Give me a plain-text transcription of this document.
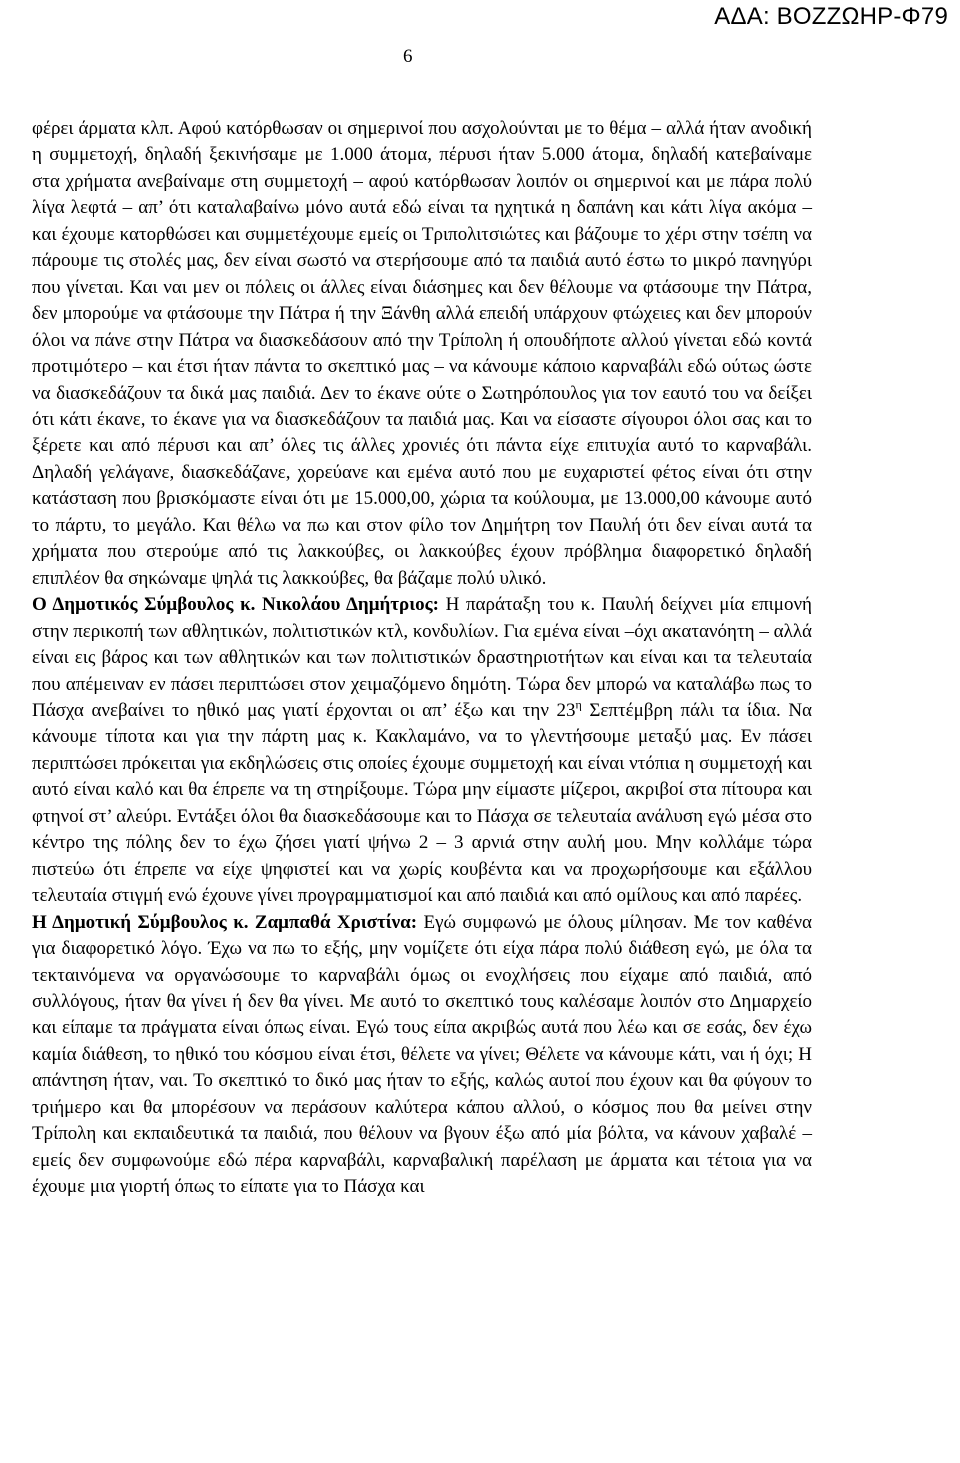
ΑΔΑ: ΒΟΖΖΩΗΡ-Φ79
6

φέρει άρματα κλπ. Αφού κατόρθωσαν οι σημερινοί που ασχολούνται με το θέμα – αλλά ήταν ανοδική η συμμετοχή, δηλαδή ξεκινήσαμε με 1.000 άτομα, πέρυσι ήταν 5.000 άτομα, δηλαδή κατεβαίναμε στα χρήματα ανεβαίναμε στη συμμετοχή – αφού κατόρθωσαν λοιπόν οι σημερινοί και με πάρα πολύ λίγα λεφτά – απ’ ότι καταλαβαίνω μόνο αυτά εδώ είναι τα ηχητικά η δαπάνη και κάτι λίγα ακόμα – και έχουμε κατορθώσει και συμμετέχουμε εμείς οι Τριπολιτσιώτες και βάζουμε το χέρι στην τσέπη να πάρουμε τις στολές μας, δεν είναι σωστό να στερήσουμε από τα παιδιά αυτό έστω το μικρό πανηγύρι που γίνεται. Και ναι μεν οι πόλεις οι άλλες είναι διάσημες και δεν θέλουμε να φτάσουμε την Πάτρα, δεν μπορούμε να φτάσουμε την Πάτρα ή την Ξάνθη αλλά επειδή υπάρχουν φτώχειες και δεν μπορούν όλοι να πάνε στην Πάτρα να διασκεδάσουν από την Τρίπολη ή οπουδήποτε αλλού γίνεται εδώ κοντά προτιμότερο – και έτσι ήταν πάντα το σκεπτικό μας – να κάνουμε κάποιο καρναβάλι εδώ ούτως ώστε να διασκεδάζουν τα δικά μας παιδιά. Δεν το έκανε ούτε ο Σωτηρόπουλος για τον εαυτό του να δείξει ότι κάτι έκανε, το έκανε για να διασκεδάζουν τα παιδιά μας. Και να είσαστε σίγουροι όλοι σας και το ξέρετε και από πέρυσι και απ’ όλες τις άλλες χρονιές ότι πάντα είχε επιτυχία αυτό το καρναβάλι. Δηλαδή γελάγανε, διασκεδάζανε, χορεύανε και εμένα αυτό που με ευχαριστεί φέτος είναι ότι στην κατάσταση που βρισκόμαστε είναι ότι με 15.000,00, χώρια τα κούλουμα, με 13.000,00 κάνουμε αυτό το πάρτυ, το μεγάλο. Και θέλω να πω και στον φίλο τον Δημήτρη τον Παυλή ότι δεν είναι αυτά τα χρήματα που στερούμε από τις λακκούβες, οι λακκούβες έχουν πρόβλημα διαφορετικό δηλαδή επιπλέον θα σηκώναμε ψηλά τις λακκούβες, θα βάζαμε πολύ υλικό.

Ο Δημοτικός Σύμβουλος κ. Νικολάου Δημήτριος: Η παράταξη του κ. Παυλή δείχνει μία επιμονή στην περικοπή των αθλητικών, πολιτιστικών κτλ, κονδυλίων. Για εμένα είναι –όχι ακατανόητη – αλλά είναι εις βάρος και των αθλητικών και των πολιτιστικών δραστηριοτήτων και είναι και τα τελευταία που απέμειναν εν πάσει περιπτώσει στον χειμαζόμενο δημότη. Τώρα δεν μπορώ να καταλάβω πως το Πάσχα ανεβαίνει το ηθικό μας γιατί έρχονται οι απ’ έξω και την $23^\eta$ Σεπτέμβρη πάλι τα ίδια. Να κάνουμε τίποτα και για την πάρτη μας κ. Κακλαμάνο, να το γλεντήσουμε μεταξύ μας. Εν πάσει περιπτώσει πρόκειται για εκδηλώσεις στις οποίες έχουμε συμμετοχή και είναι ντόπια η συμμετοχή και αυτό είναι καλό και θα έπρεπε να τη στηρίξουμε. Τώρα μην είμαστε μίζεροι, ακριβοί στα πίτουρα και φτηνοί στ’ αλεύρι. Εντάξει όλοι θα διασκεδάσουμε και το Πάσχα σε τελευταία ανάλυση εγώ μέσα στο κέντρο της πόλης δεν το έχω ζήσει γιατί ψήνω 2 – 3 αρνιά στην αυλή μου. Μην κολλάμε τώρα πιστεύω ότι έπρεπε να είχε ψηφιστεί και να χωρίς κουβέντα και να προχωρήσουμε και εξάλλου τελευταία στιγμή ενώ έχουνε γίνει προγραμματισμοί και από παιδιά και από ομίλους και από παρέες.

Η Δημοτική Σύμβουλος κ. Ζαμπαθά Χριστίνα: Εγώ συμφωνώ με όλους μίλησαν. Με τον καθένα για διαφορετικό λόγο. Έχω να πω το εξής, μην νομίζετε ότι είχα πάρα πολύ διάθεση εγώ, με όλα τα τεκταινόμενα να οργανώσουμε το καρναβάλι όμως οι ενοχλήσεις που είχαμε από παιδιά, από συλλόγους, ήταν θα γίνει ή δεν θα γίνει. Με αυτό το σκεπτικό τους καλέσαμε λοιπόν στο Δημαρχείο και είπαμε τα πράγματα είναι όπως είναι. Εγώ τους είπα ακριβώς αυτά που λέω και σε εσάς, δεν έχω καμία διάθεση, το ηθικό του κόσμου είναι έτσι, θέλετε να γίνει; Θέλετε να κάνουμε κάτι, ναι ή όχι; Η απάντηση ήταν, ναι. Το σκεπτικό το δικό μας ήταν το εξής, καλώς αυτοί που έχουν και θα φύγουν το τριήμερο και θα μπορέσουν να περάσουν καλύτερα κάπου αλλού, ο κόσμος που θα μείνει στην Τρίπολη και εκπαιδευτικά τα παιδιά, που θέλουν να βγουν έξω από μία βόλτα, να κάνουν χαβαλέ – εμείς δεν συμφωνούμε εδώ πέρα καρναβάλι, καρναβαλική παρέλαση με άρματα και τέτοια για να έχουμε μια γιορτή όπως το είπατε για το Πάσχα και
